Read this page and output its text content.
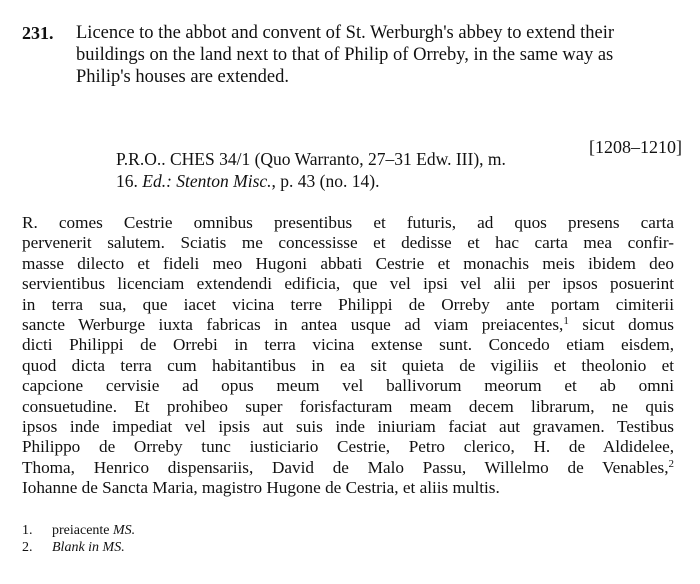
231. Licence to the abbot and convent of St. Werburgh's abbey to extend their
buildings on the land next to that of Philip of Orreby, in the same way as
Philip's houses are extended.
[1208–1210]
P.R.O.. CHES 34/1 (Quo Warranto, 27–31 Edw. III), m.
16. Ed.: Stenton Misc., p. 43 (no. 14).
R. comes Cestrie omnibus presentibus et futuris, ad quos presens carta
pervenerit salutem. Sciatis me concessisse et dedisse et hac carta mea confir-
masse dilecto et fideli meo Hugoni abbati Cestrie et monachis meis ibidem deo
servientibus licenciam extendendi edificia, que vel ipsi vel alii per ipsos posuerint
in terra sua, que iacet vicina terre Philippi de Orreby ante portam cimiterii
sancte Werburge iuxta fabricas in antea usque ad viam preiacentes,$^1$ sicut domus
dicti Philippi de Orrebi in terra vicina extense sunt. Concedo etiam eisdem,
quod dicta terra cum habitantibus in ea sit quieta de vigiliis et theolonio et
capcione cervisie ad opus meum vel ballivorum meorum et ab omni
consuetudine. Et prohibeo super forisfacturam meam decem librarum, ne quis
ipsos inde impediat vel ipsis aut suis inde iniuriam faciat aut gravamen. Testibus
Philippo de Orreby tunc iusticiario Cestrie, Petro clerico, H. de Aldidelee,
Thoma, Henrico dispensariis, David de Malo Passu, Willelmo de Venables,$^2$
Iohanne de Sancta Maria, magistro Hugone de Cestria, et aliis multis.
1. preiacente MS.
2. Blank in MS.
